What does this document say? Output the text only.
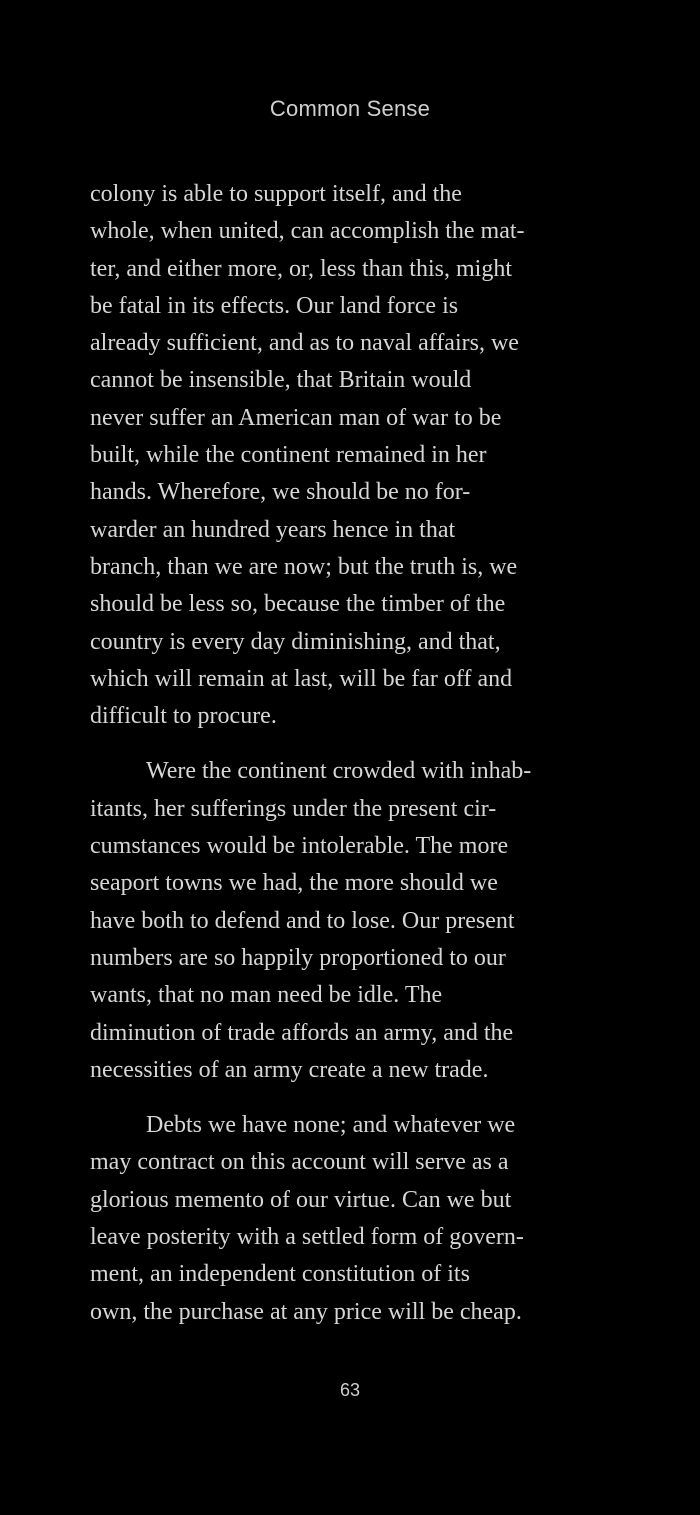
Common Sense

colony is able to support itself, and the
whole, when united, can accomplish the mat-
ter, and either more, or, less than this, might
be fatal in its effects. Our land force is
already sufficient, and as to naval affairs, we
cannot be insensible, that Britain would
never suffer an American man of war to be
built, while the continent remained in her
hands. Wherefore, we should be no for-
warder an hundred years hence in that
branch, than we are now; but the truth is, we
should be less so, because the timber of the
country is every day diminishing, and that,
which will remain at last, will be far off and
difficult to procure.

Were the continent crowded with inhab-
itants, her sufferings under the present cir-
cumstances would be intolerable. The more
seaport towns we had, the more should we
have both to defend and to lose. Our present
numbers are so happily proportioned to our
wants, that no man need be idle. The
diminution of trade affords an army, and the
necessities of an army create a new trade.

Debts we have none; and whatever we
may contract on this account will serve as a
glorious memento of our virtue. Can we but
leave posterity with a settled form of govern-
ment, an independent constitution of its
own, the purchase at any price will be cheap.

63
